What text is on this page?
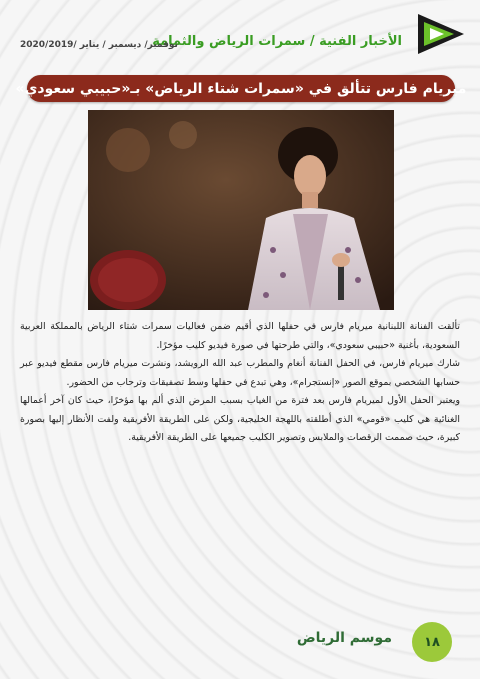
الأخبار الفنية / سمرات الرياض والثمامة
نوفمبر/ ديسمبر / يناير /2020/2019
ميريام فارس تتألق في «سمرات شتاء الرياض» بـ«حبيبي سعودي»

تألقت الفنانة اللبنانية ميريام فارس في حفلها الذي أقيم ضمن فعاليات سمرات شتاء الرياض بالمملكة العربية السعودية، بأغنية «حبيبي سعودي»، والتي طرحتها في صورة فيديو كليب مؤخرًا.

شارك ميريام فارس، في الحفل الفنانة أنغام والمطرب عبد الله الرويشد، ونشرت ميريام فارس مقطع فيديو عبر حسابها الشخصي بموقع الصور «إنستجرام»، وهي تبدع في حفلها وسط تصفيقات وترحاب من الحضور.

ويعتبر الحفل الأول لميريام فارس بعد فترة من الغياب بسبب المرض الذي ألم بها مؤخرًا، حيث كان آخر أعمالها الغنائية هي كليب «قومي» الذي أطلقته باللهجة الخليجية، ولكن على الطريقة الأفريقية ولفت الأنظار إليها بصورة كبيرة، حيث صممت الرقصات والملابس وتصوير الكليب جميعها على الطريقة الأفريقية.

موسم الرياض ١٨
